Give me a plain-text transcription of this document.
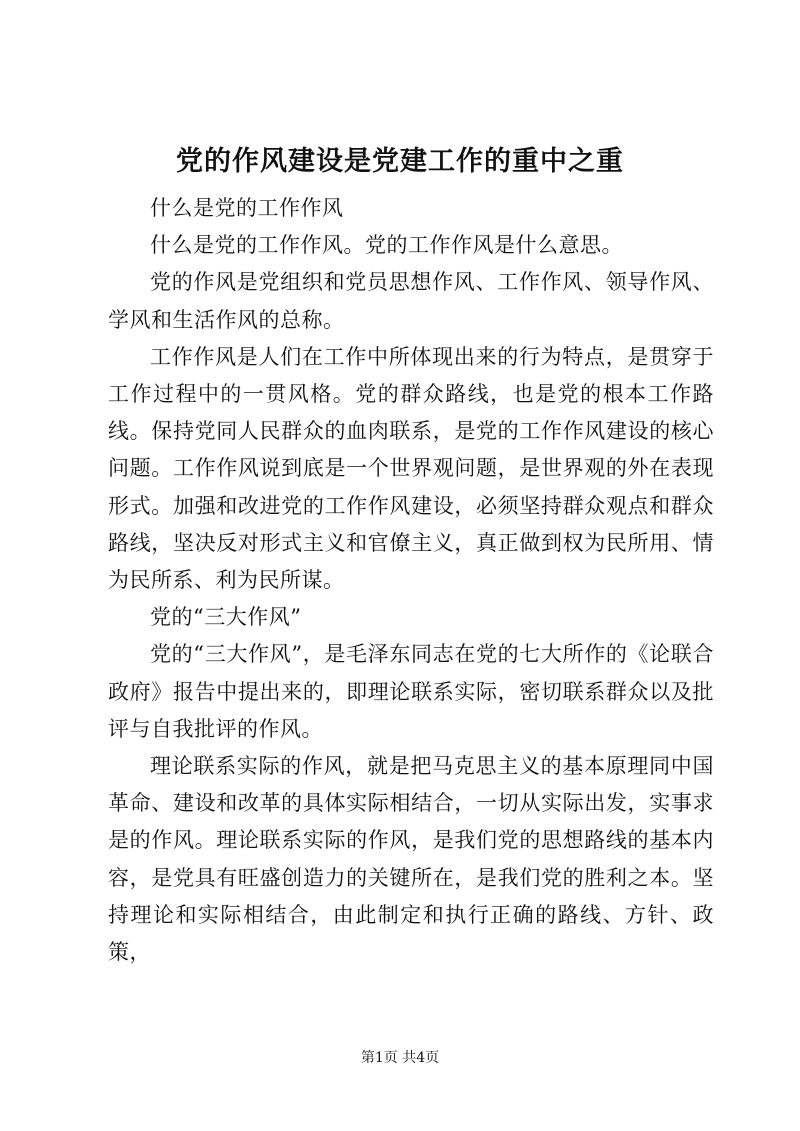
党的作风建设是党建工作的重中之重

什么是党的工作作风

什么是党的工作作风。党的工作作风是什么意思。

党的作风是党组织和党员思想作风、工作作风、领导作风、学风和生活作风的总称。

工作作风是人们在工作中所体现出来的行为特点，是贯穿于工作过程中的一贯风格。党的群众路线，也是党的根本工作路线。保持党同人民群众的血肉联系，是党的工作作风建设的核心问题。工作作风说到底是一个世界观问题，是世界观的外在表现形式。加强和改进党的工作作风建设，必须坚持群众观点和群众路线，坚决反对形式主义和官僚主义，真正做到权为民所用、情为民所系、利为民所谋。

党的“三大作风”

党的“三大作风”，是毛泽东同志在党的七大所作的《论联合政府》报告中提出来的，即理论联系实际，密切联系群众以及批评与自我批评的作风。

理论联系实际的作风，就是把马克思主义的基本原理同中国革命、建设和改革的具体实际相结合，一切从实际出发，实事求是的作风。理论联系实际的作风，是我们党的思想路线的基本内容，是党具有旺盛创造力的关键所在，是我们党的胜利之本。坚持理论和实际相结合，由此制定和执行正确的路线、方针、政策，

第1页 共4页
